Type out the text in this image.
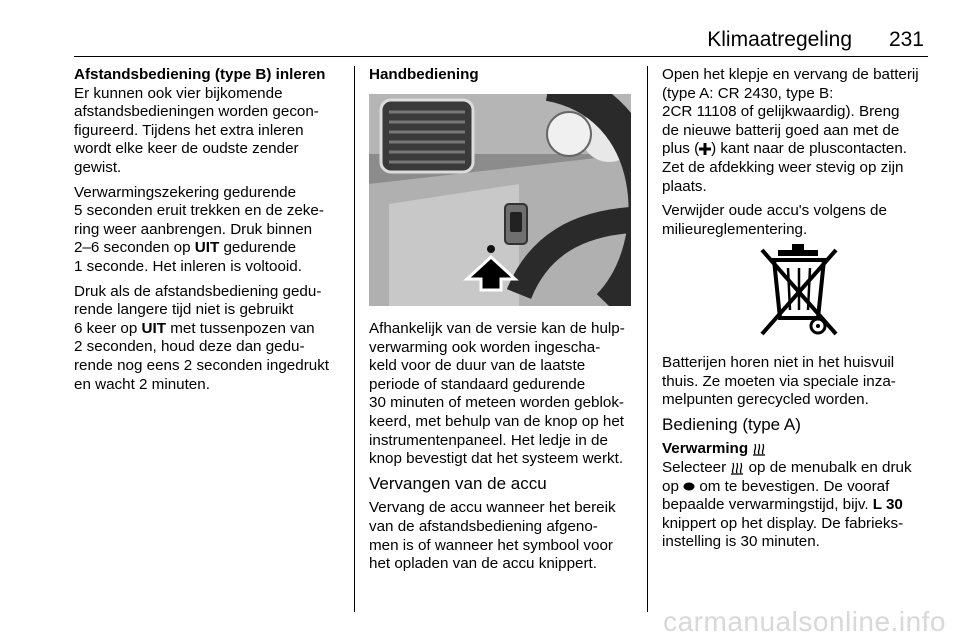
Klimaatregeling 231

Afstandsbediening (type B) inleren

Er kunnen ook vier bijkomende
afstandsbedieningen worden gecon-
figureerd. Tijdens het extra inleren
wordt elke keer de oudste zender
gewist.

Verwarmingszekering gedurende
5 seconden eruit trekken en de zeke-
ring weer aanbrengen. Druk binnen
2–6 seconden op UIT gedurende
1 seconde. Het inleren is voltooid.

Druk als de afstandsbediening gedu-
rende langere tijd niet is gebruikt
6 keer op UIT met tussenpozen van
2 seconden, houd deze dan gedu-
rende nog eens 2 seconden ingedrukt
en wacht 2 minuten.

Handbediening

Afhankelijk van de versie kan de hulp-
verwarming ook worden ingescha-
keld voor de duur van de laatste
periode of standaard gedurende
30 minuten of meteen worden geblok-
keerd, met behulp van de knop op het
instrumentenpaneel. Het ledje in de
knop bevestigt dat het systeem werkt.

Vervangen van de accu

Vervang de accu wanneer het bereik
van de afstandsbediening afgeno-
men is of wanneer het symbool voor
het opladen van de accu knippert.

Open het klepje en vervang de batterij
(type A: CR 2430, type B:
2CR 11108 of gelijkwaardig). Breng
de nieuwe batterij goed aan met de
plus ( ) kant naar de pluscontacten.
Zet de afdekking weer stevig op zijn
plaats.

Verwijder oude accu's volgens de
milieureglementering.

Batterijen horen niet in het huisvuil
thuis. Ze moeten via speciale inza-
melpunten gerecycled worden.

Bediening (type A)

Verwarming

Selecteer  op de menubalk en druk
op  om te bevestigen. De vooraf
bepaalde verwarmingstijd, bijv. L 30
knippert op het display. De fabrieks-
instelling is 30 minuten.

carmanualsonline.info
